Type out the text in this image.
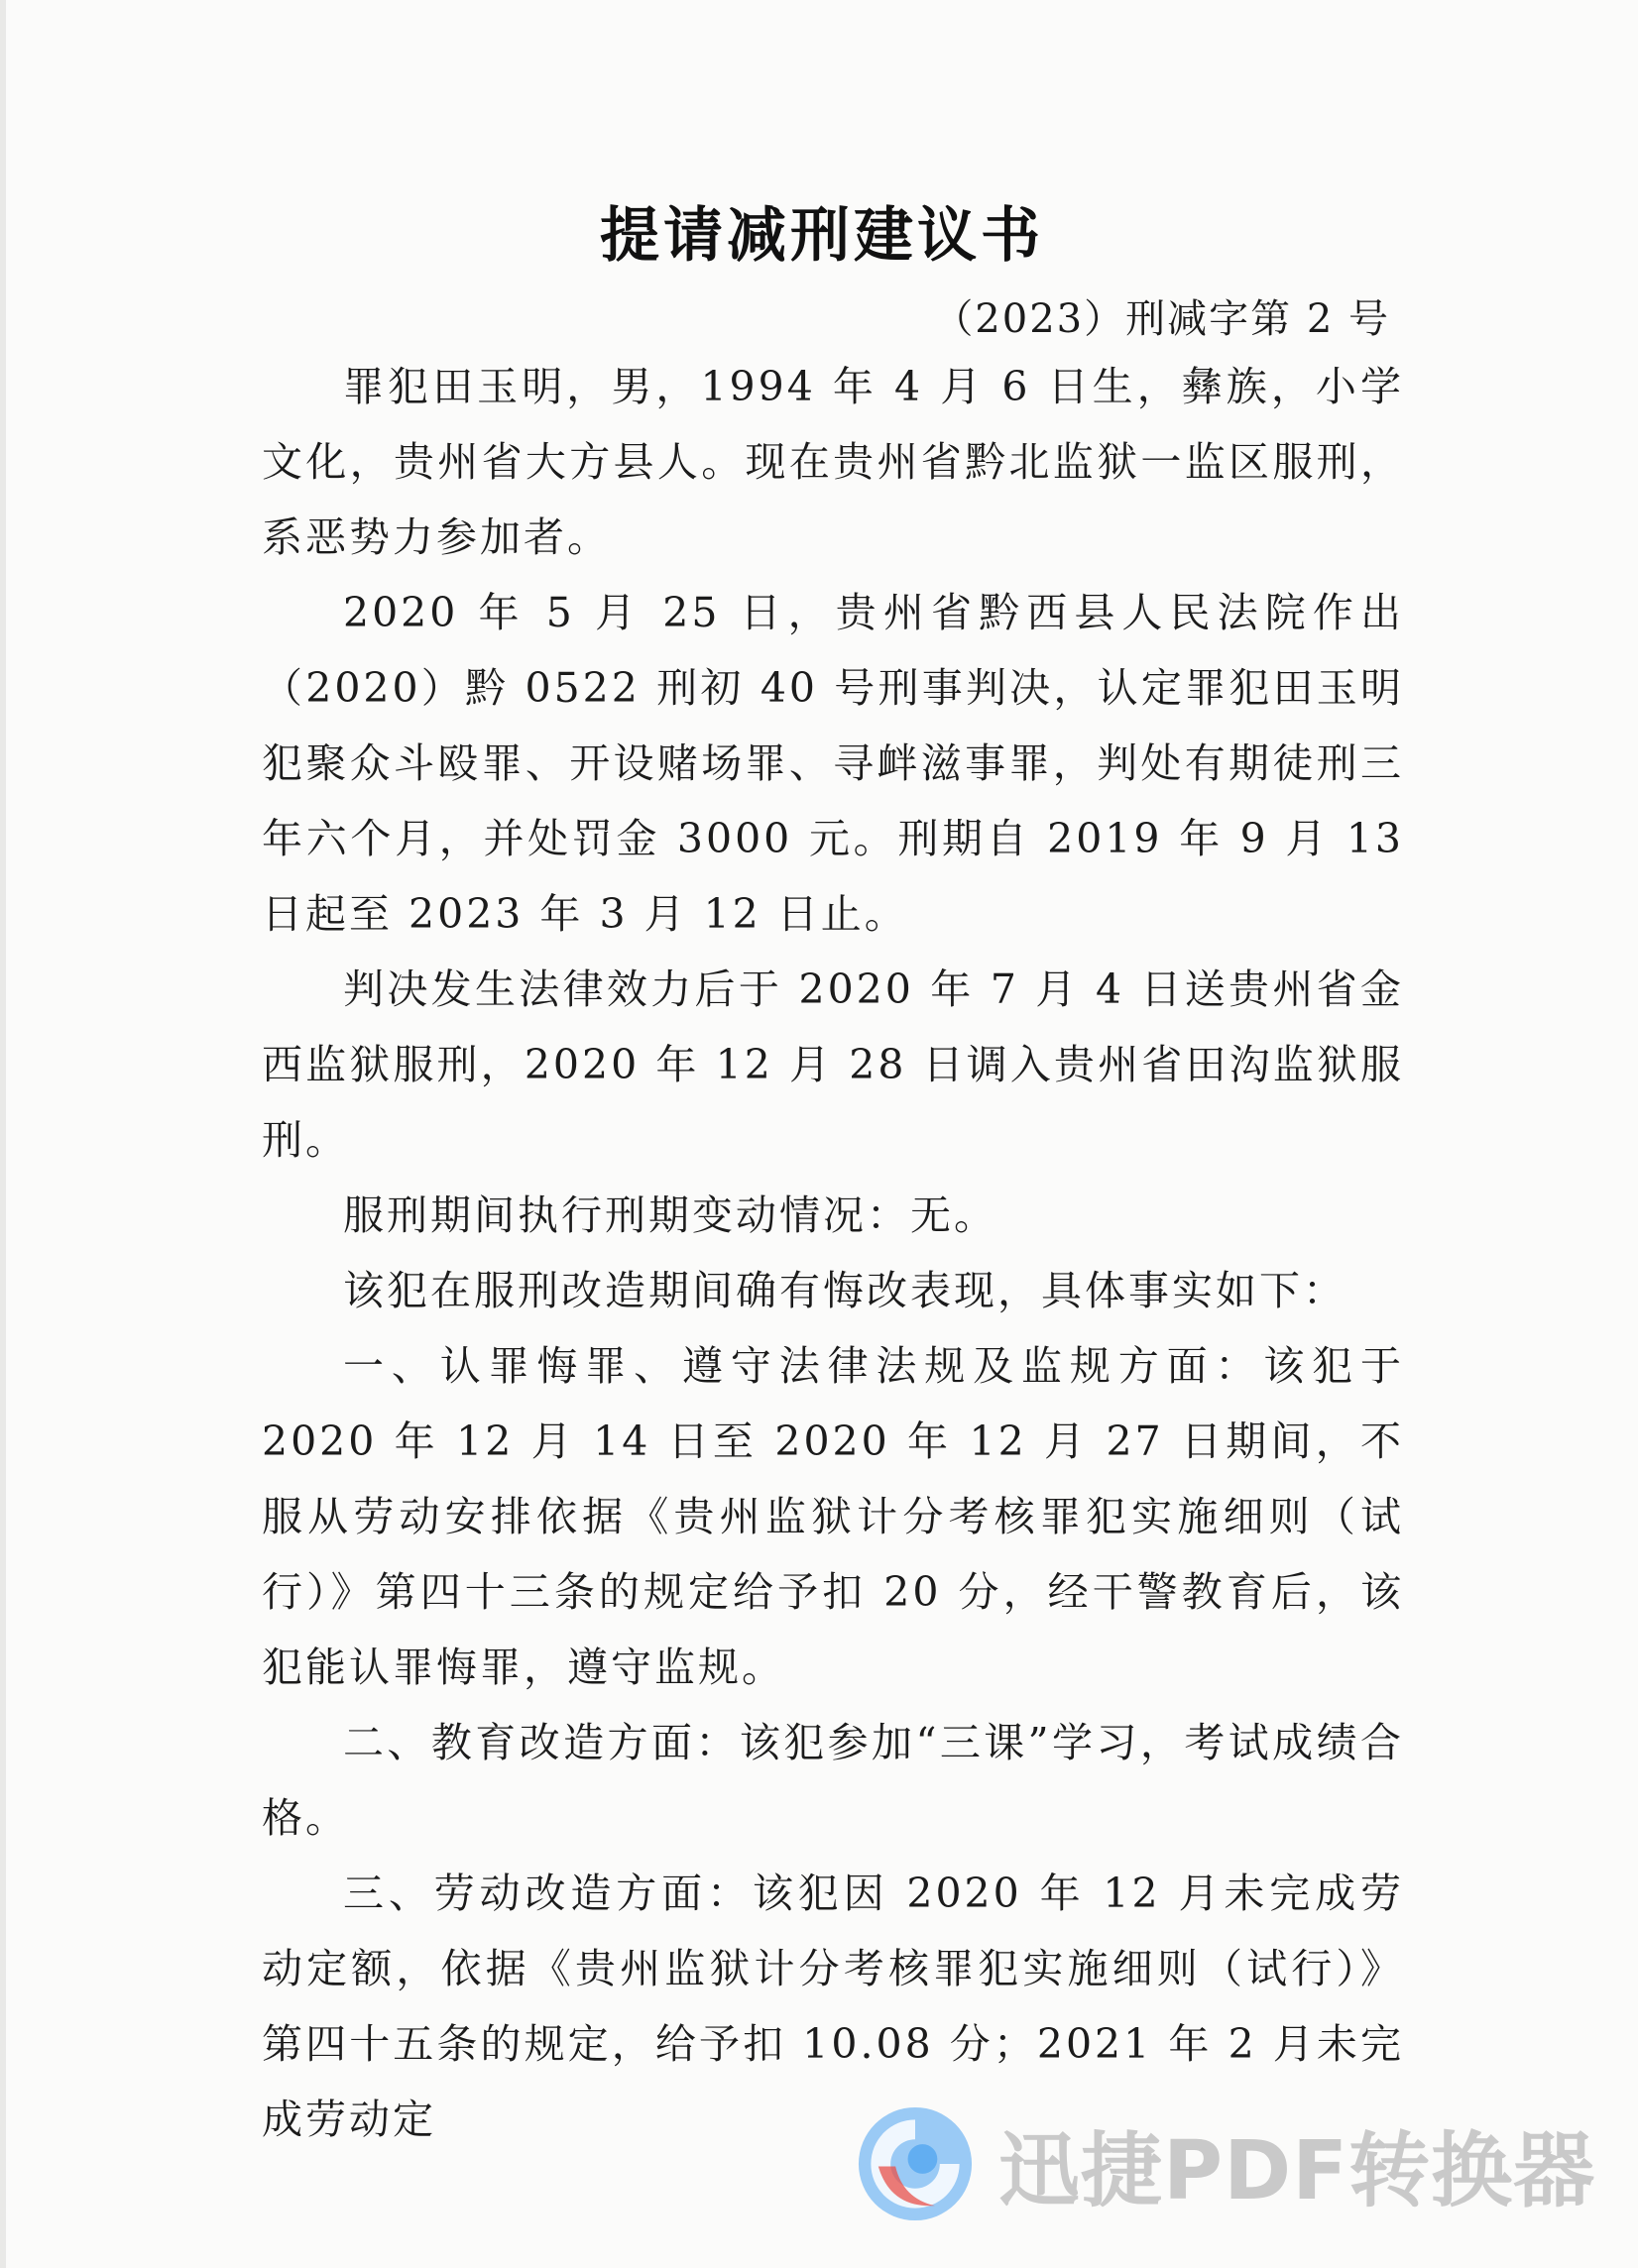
提请减刑建议书
（2023）刑减字第 2 号

罪犯田玉明，男，1994 年 4 月 6 日生，彝族，小学文化，贵州省大方县人。现在贵州省黔北监狱一监区服刑，系恶势力参加者。

2020 年 5 月 25 日，贵州省黔西县人民法院作出（2020）黔 0522 刑初 40 号刑事判决，认定罪犯田玉明犯聚众斗殴罪、开设赌场罪、寻衅滋事罪，判处有期徒刑三年六个月，并处罚金 3000 元。刑期自 2019 年 9 月 13 日起至 2023 年 3 月 12 日止。

判决发生法律效力后于 2020 年 7 月 4 日送贵州省金西监狱服刑，2020 年 12 月 28 日调入贵州省田沟监狱服刑。

服刑期间执行刑期变动情况：无。

该犯在服刑改造期间确有悔改表现，具体事实如下：

一、认罪悔罪、遵守法律法规及监规方面：该犯于 2020 年 12 月 14 日至 2020 年 12 月 27 日期间，不服从劳动安排依据《贵州监狱计分考核罪犯实施细则（试行）》第四十三条的规定给予扣 20 分，经干警教育后，该犯能认罪悔罪，遵守监规。

二、教育改造方面：该犯参加“三课”学习，考试成绩合格。

三、劳动改造方面：该犯因 2020 年 12 月未完成劳动定额，依据《贵州监狱计分考核罪犯实施细则（试行）》第四十五条的规定，给予扣 10.08 分；2021 年 2 月未完成劳动定

迅捷PDF转换器
